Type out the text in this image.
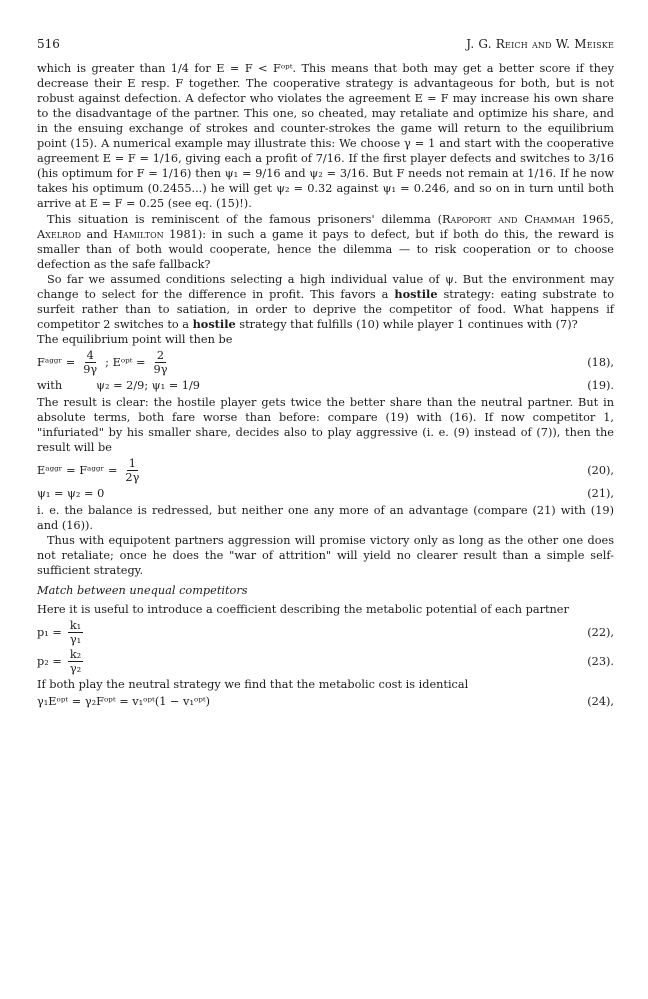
516	J. G. Reich and W. Meiske

which is greater than 1/4 for E = F < Fᵒᵖᵗ. This means that both may get a better score if they decrease their E resp. F together. The cooperative strategy is advantageous for both, but is not robust against defection. A defector who violates the agreement E = F may increase his own share to the disadvantage of the partner. This one, so cheated, may retaliate and optimize his share, and in the ensuing exchange of strokes and counter-strokes the game will return to the equilibrium point (15). A numerical example may illustrate this: We choose γ = 1 and start with the cooperative agreement E = F = 1/16, giving each a profit of 7/16. If the first player defects and switches to 3/16 (his optimum for F = 1/16) then ψ₁ = 9/16 and ψ₂ = 3/16. But F needs not remain at 1/16. If he now takes his optimum (0.2455...) he will get ψ₂ = 0.32 against ψ₁ = 0.246, and so on in turn until both arrive at E = F = 0.25 (see eq. (15)!).

This situation is reminiscent of the famous prisoners' dilemma (Rapoport and Chammah 1965, Axelrod and Hamilton 1981): in such a game it pays to defect, but if both do this, the reward is smaller than of both would cooperate, hence the dilemma — to risk cooperation or to choose defection as the safe fallback?

So far we assumed conditions selecting a high individual value of ψ. But the environment may change to select for the difference in profit. This favors a hostile strategy: eating substrate to surfeit rather than to satiation, in order to deprive the competitor of food. What happens if competitor 2 switches to a hostile strategy that fulfills (10) while player 1 continues with (7)?

The equilibrium point will then be

Fᵃᵍᵍʳ = $\frac{4}{9\gamma}$ ; Eᵒᵖᵗ = $\frac{2}{9\gamma}$	(18),
with	ψ₂ = 2/9; ψ₁ = 1/9	(19).

The result is clear: the hostile player gets twice the better share than the neutral partner. But in absolute terms, both fare worse than before: compare (19) with (16). If now competitor 1, "infuriated" by his smaller share, decides also to play aggressive (i. e. (9) instead of (7)), then the result will be

Eᵃᵍᵍʳ = Fᵃᵍᵍʳ = $\frac{1}{2\gamma}$	(20),
ψ₁ = ψ₂ = 0	(21),

i. e. the balance is redressed, but neither one any more of an advantage (compare (21) with (19) and (16)).

Thus with equipotent partners aggression will promise victory only as long as the other one does not retaliate; once he does the "war of attrition" will yield no clearer result than a simple self-sufficient strategy.

Match between unequal competitors

Here it is useful to introduce a coefficient describing the metabolic potential of each partner

$p_1 = \frac{\text{k₁}}{\text{γ₁}}$	(22),
$p_2 = \frac{\text{k₂}}{\text{γ₂}}$	(23).

If both play the neutral strategy we find that the metabolic cost is identical

γ₁Eᵒᵖᵗ = γ₂Fᵒᵖᵗ = v₁ᵒᵖᵗ(1 − v₁ᵒᵖᵗ)	(24),
